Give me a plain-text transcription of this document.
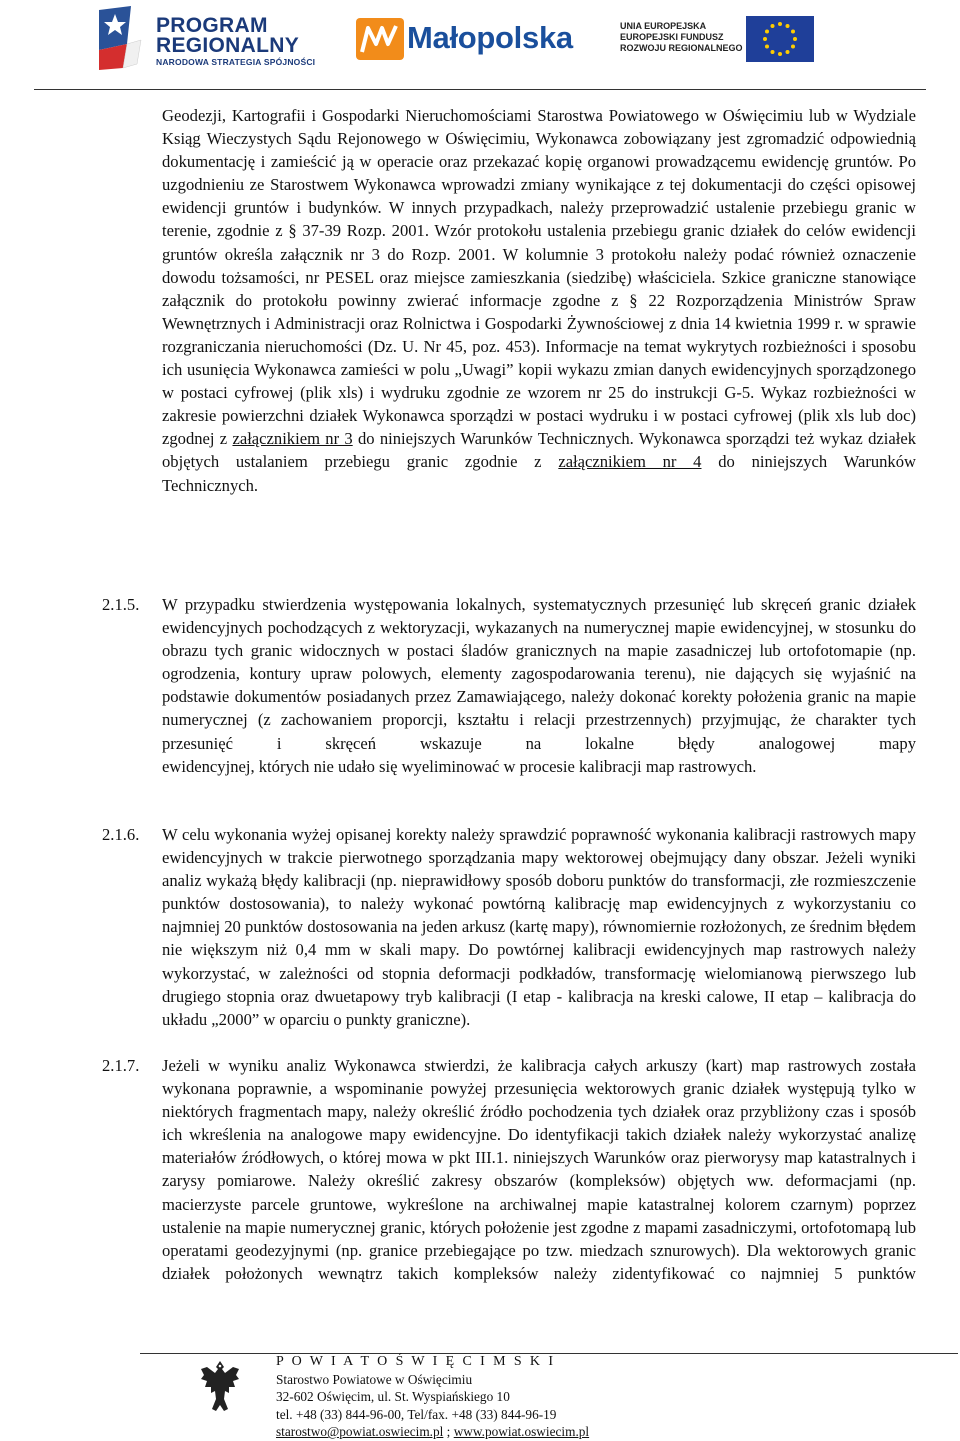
PROGRAM
REGIONALNY
NARODOWA STRATEGIA SPÓJNOŚCI
Małopolska	UNIA EUROPEJSKA
EUROPEJSKI FUNDUSZ
ROZWOJU REGIONALNEGO
Geodezji, Kartografii i Gospodarki Nieruchomościami Starostwa Powiatowego w Oświęcimiu lub w Wydziale Ksiąg Wieczystych Sądu Rejonowego w Oświęcimiu, Wykonawca zobowiązany jest zgromadzić odpowiednią dokumentację i zamieścić ją w operacie oraz przekazać kopię organowi prowadzącemu ewidencję gruntów. Po uzgodnieniu ze Starostwem Wykonawca wprowadzi zmiany wynikające z tej dokumentacji do części opisowej ewidencji gruntów i budynków. W innych przypadkach, należy przeprowadzić ustalenie przebiegu granic w terenie, zgodnie z § 37-39 Rozp. 2001. Wzór protokołu ustalenia przebiegu granic działek do celów ewidencji gruntów określa załącznik nr 3 do Rozp. 2001. W kolumnie 3 protokołu należy podać również oznaczenie dowodu tożsamości, nr PESEL oraz miejsce zamieszkania (siedzibę) właściciela. Szkice graniczne stanowiące załącznik do protokołu powinny zwierać informacje zgodne z § 22 Rozporządzenia Ministrów Spraw Wewnętrznych i Administracji oraz Rolnictwa i Gospodarki Żywnościowej z dnia 14 kwietnia 1999 r. w sprawie rozgraniczania nieruchomości (Dz. U. Nr 45, poz. 453). Informacje na temat wykrytych rozbieżności i sposobu ich usunięcia Wykonawca zamieści w polu „Uwagi” kopii wykazu zmian danych ewidencyjnych sporządzonego w postaci cyfrowej (plik xls) i wydruku zgodnie ze wzorem nr 25 do instrukcji G-5. Wykaz rozbieżności w zakresie powierzchni działek Wykonawca sporządzi w postaci wydruku i w postaci cyfrowej (plik xls lub doc) zgodnej z załącznikiem nr 3 do niniejszych Warunków Technicznych. Wykonawca sporządzi też wykaz działek objętych ustalaniem przebiegu granic zgodnie z załącznikiem nr 4 do niniejszych Warunków
Technicznych.
2.1.5. W przypadku stwierdzenia występowania lokalnych, systematycznych przesunięć lub skręceń granic działek ewidencyjnych pochodzących z wektoryzacji, wykazanych na numerycznej mapie ewidencyjnej, w stosunku do obrazu tych granic widocznych w postaci śladów granicznych na mapie zasadniczej lub ortofotomapie (np. ogrodzenia, kontury upraw polowych, elementy zagospodarowania terenu), nie dających się wyjaśnić na podstawie dokumentów posiadanych przez Zamawiającego, należy dokonać korekty położenia granic na mapie numerycznej (z zachowaniem proporcji, kształtu i relacji przestrzennych) przyjmując, że charakter tych przesunięć i skręceń wskazuje na lokalne błędy analogowej mapy
ewidencyjnej, których nie udało się wyeliminować w procesie kalibracji map rastrowych.
2.1.6. W celu wykonania wyżej opisanej korekty należy sprawdzić poprawność wykonania kalibracji rastrowych mapy ewidencyjnych w trakcie pierwotnego sporządzania mapy wektorowej obejmujący dany obszar. Jeżeli wyniki analiz wykażą błędy kalibracji (np. nieprawidłowy sposób doboru punktów do transformacji, złe rozmieszczenie punktów dostosowania), to należy wykonać powtórną kalibrację map ewidencyjnych z wykorzystaniu co najmniej 20 punktów dostosowania na jeden arkusz (kartę mapy), równomiernie rozłożonych, ze średnim błędem nie większym niż 0,4 mm w skali mapy. Do powtórnej kalibracji ewidencyjnych map rastrowych należy wykorzystać, w zależności od stopnia deformacji podkładów, transformację wielomianową pierwszego lub drugiego stopnia oraz dwuetapowy tryb kalibracji (I etap - kalibracja na kreski calowe, II etap – kalibracja do
układu „2000” w oparciu o punkty graniczne).
2.1.7. Jeżeli w wyniku analiz Wykonawca stwierdzi, że kalibracja całych arkuszy (kart) map rastrowych została wykonana poprawnie, a wspominanie powyżej przesunięcia wektorowych granic działek występują tylko w niektórych fragmentach mapy, należy określić źródło pochodzenia tych działek oraz przybliżony czas i sposób ich wkreślenia na analogowe mapy ewidencyjne. Do identyfikacji takich działek należy wykorzystać analizę materiałów źródłowych, o której mowa w pkt III.1. niniejszych Warunków oraz pierworysy map katastralnych i zarysy pomiarowe. Należy określić zakresy obszarów (kompleksów) objętych ww. deformacjami (np. macierzyste parcele gruntowe, wykreślone na archiwalnej mapie katastralnej kolorem czarnym) poprzez ustalenie na mapie numerycznej granic, których położenie jest zgodne z mapami zasadniczymi, ortofotomapą lub operatami geodezyjnymi (np. granice przebiegające po tzw. miedzach sznurowych). Dla wektorowych granic działek położonych wewnątrz takich kompleksów należy zidentyfikować co najmniej 5 punktów
P O W I A T O Ś W I Ę C I M S K I
Starostwo Powiatowe w Oświęcimiu
32-602 Oświęcim, ul. St. Wyspiańskiego 10
tel. +48 (33) 844-96-00, Tel/fax. +48 (33) 844-96-19
starostwo@powiat.oswiecim.pl ; www.powiat.oswiecim.pl
